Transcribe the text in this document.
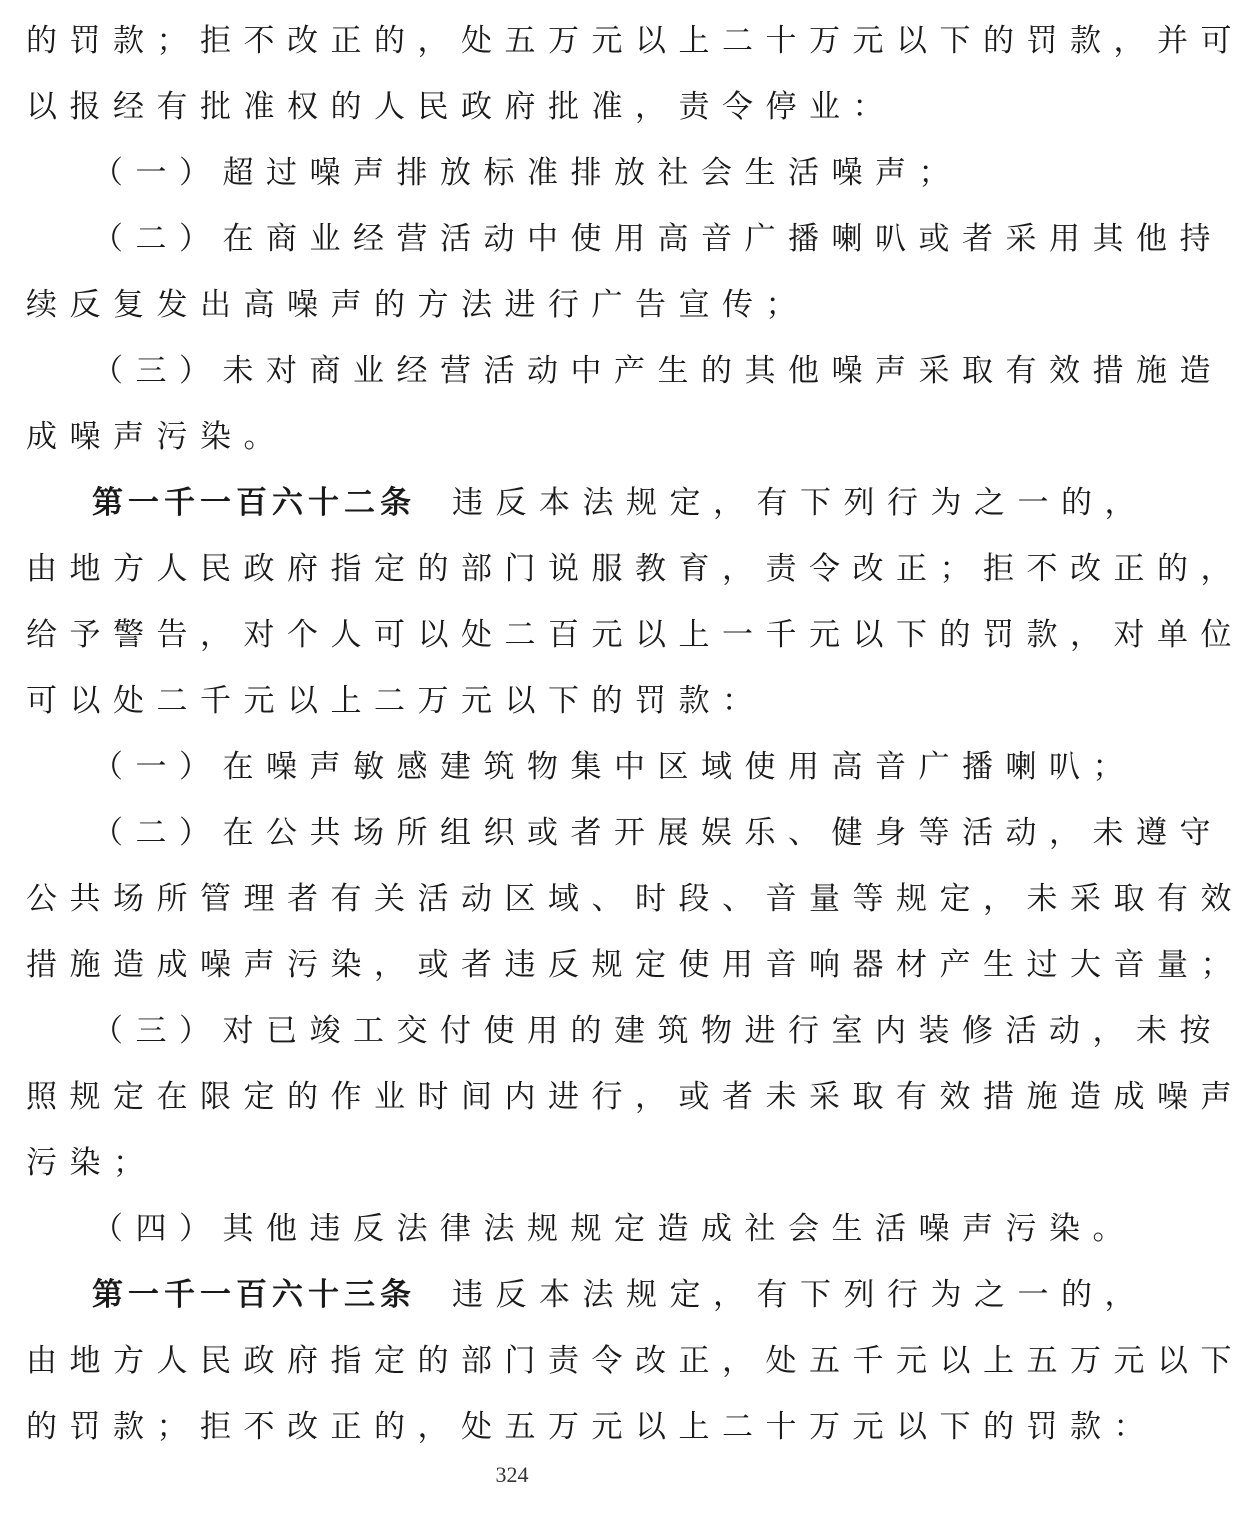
的罚款；拒不改正的，处五万元以上二十万元以下的罚款，并可
以报经有批准权的人民政府批准，责令停业：
（一）超过噪声排放标准排放社会生活噪声；
（二）在商业经营活动中使用高音广播喇叭或者采用其他持
续反复发出高噪声的方法进行广告宣传；
（三）未对商业经营活动中产生的其他噪声采取有效措施造
成噪声污染。
第一千一百六十二条 违反本法规定，有下列行为之一的，
由地方人民政府指定的部门说服教育，责令改正；拒不改正的，
给予警告，对个人可以处二百元以上一千元以下的罚款，对单位
可以处二千元以上二万元以下的罚款：
（一）在噪声敏感建筑物集中区域使用高音广播喇叭；
（二）在公共场所组织或者开展娱乐、健身等活动，未遵守
公共场所管理者有关活动区域、时段、音量等规定，未采取有效
措施造成噪声污染，或者违反规定使用音响器材产生过大音量；
（三）对已竣工交付使用的建筑物进行室内装修活动，未按
照规定在限定的作业时间内进行，或者未采取有效措施造成噪声
污染；
（四）其他违反法律法规规定造成社会生活噪声污染。
第一千一百六十三条 违反本法规定，有下列行为之一的，
由地方人民政府指定的部门责令改正，处五千元以上五万元以下
的罚款；拒不改正的，处五万元以上二十万元以下的罚款：
324
